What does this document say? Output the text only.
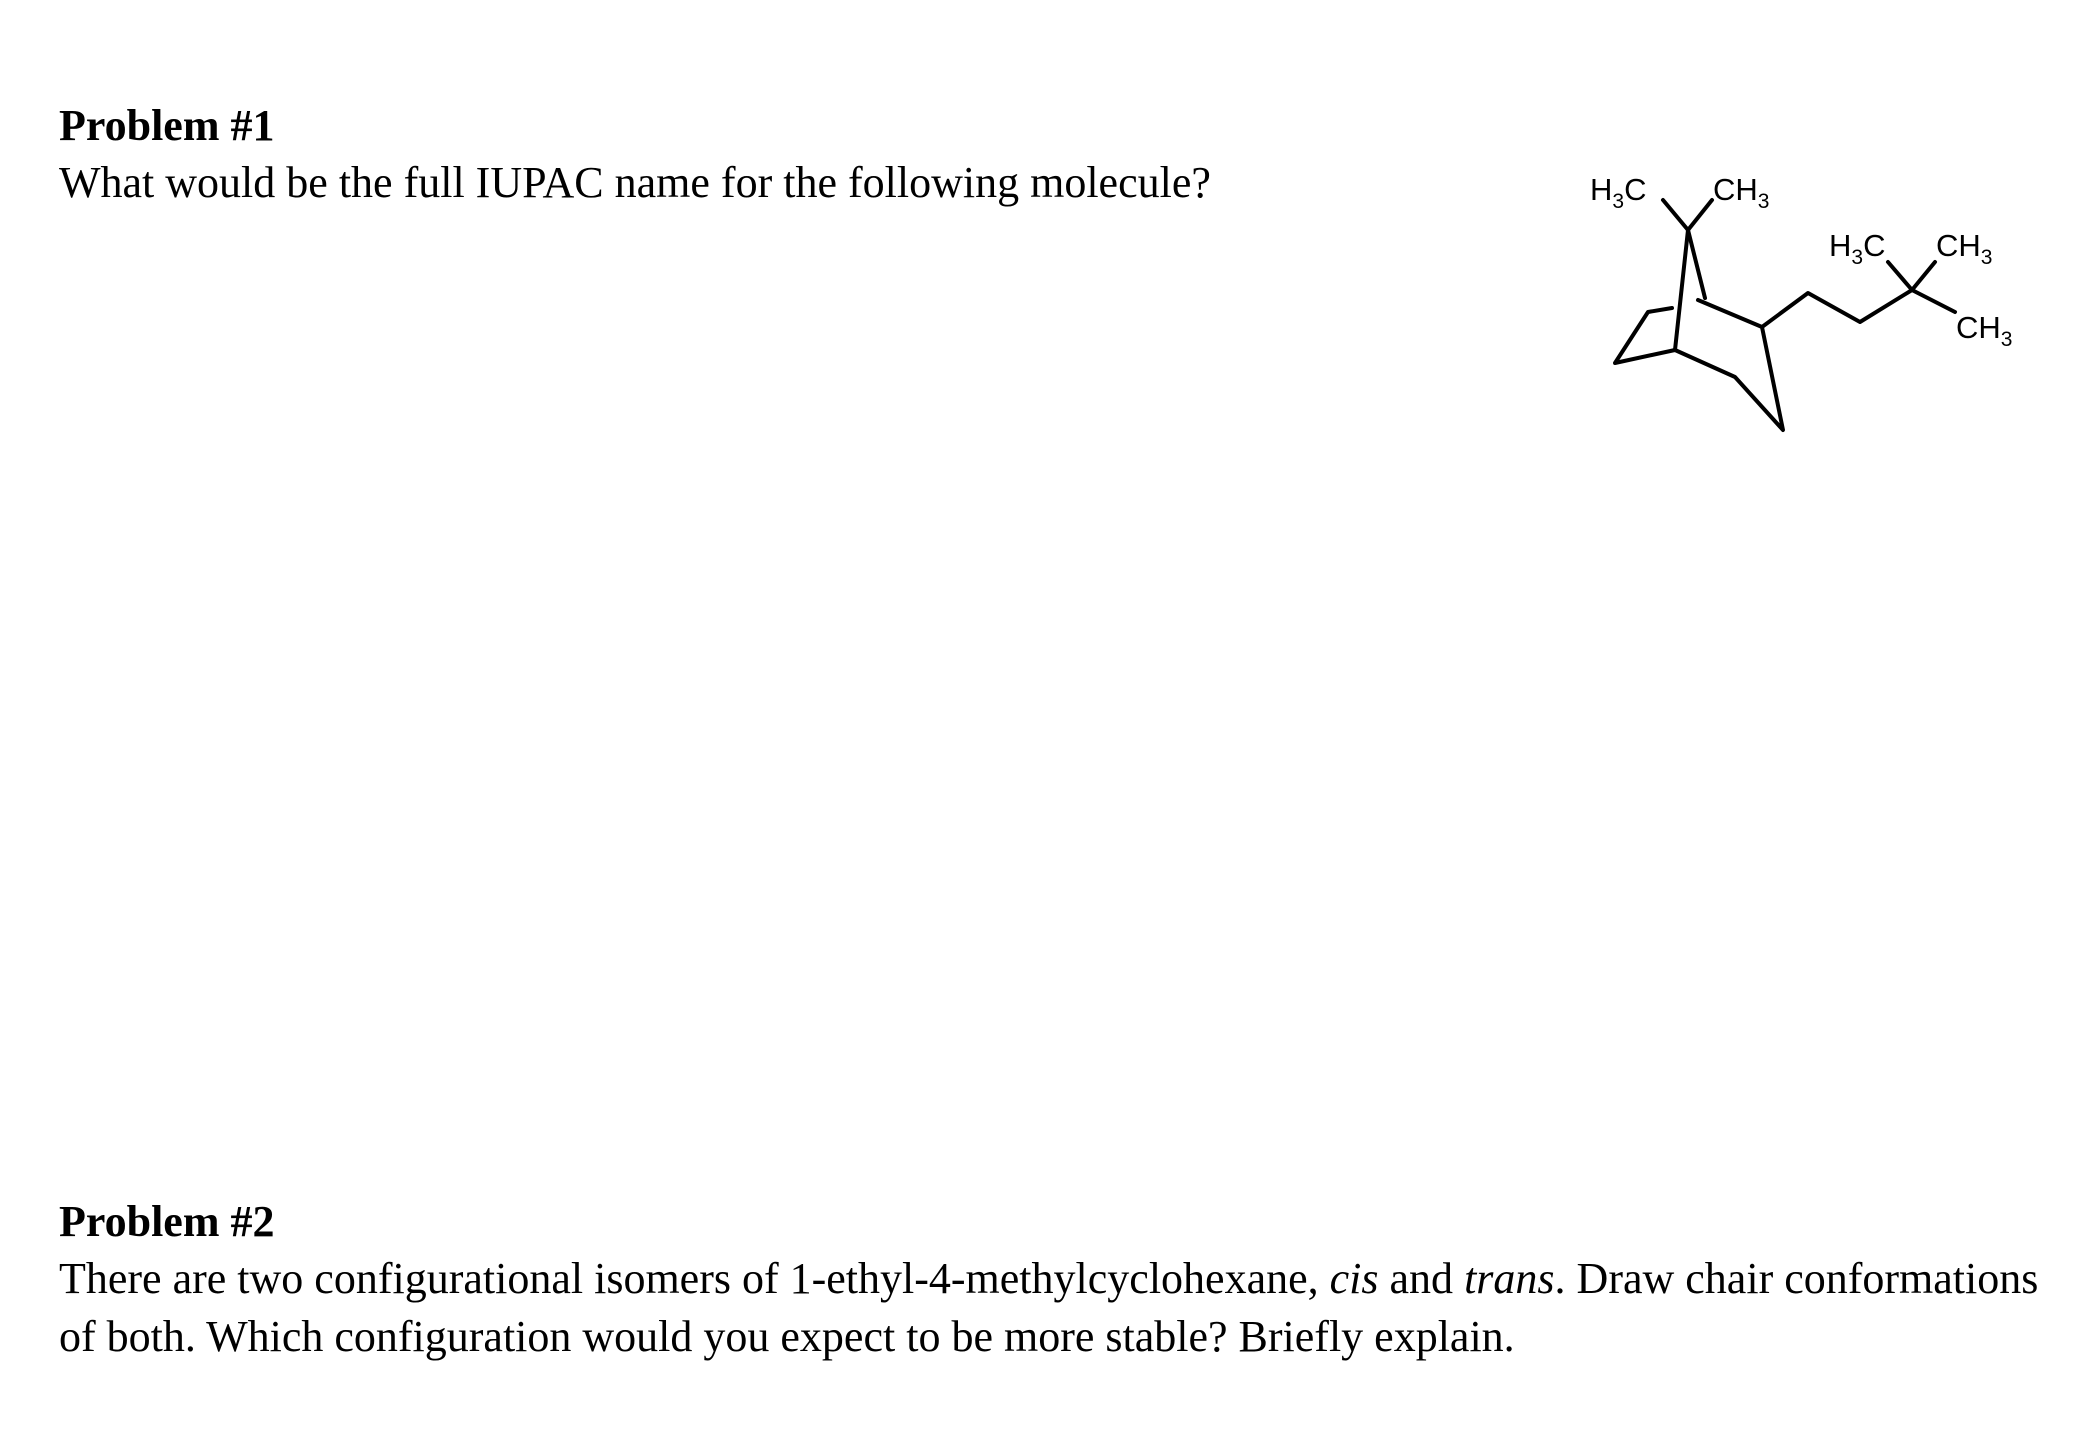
Problem #1

What would be the full IUPAC name for the following molecule?	$H_3C$ $CH_3$
$H_3C$ $CH_3$
$CH_3$

Problem #2

There are two configurational isomers of 1-ethyl-4-methylcyclohexane, cis and trans. Draw chair conformations of both. Which configuration would you expect to be more stable? Briefly explain.
